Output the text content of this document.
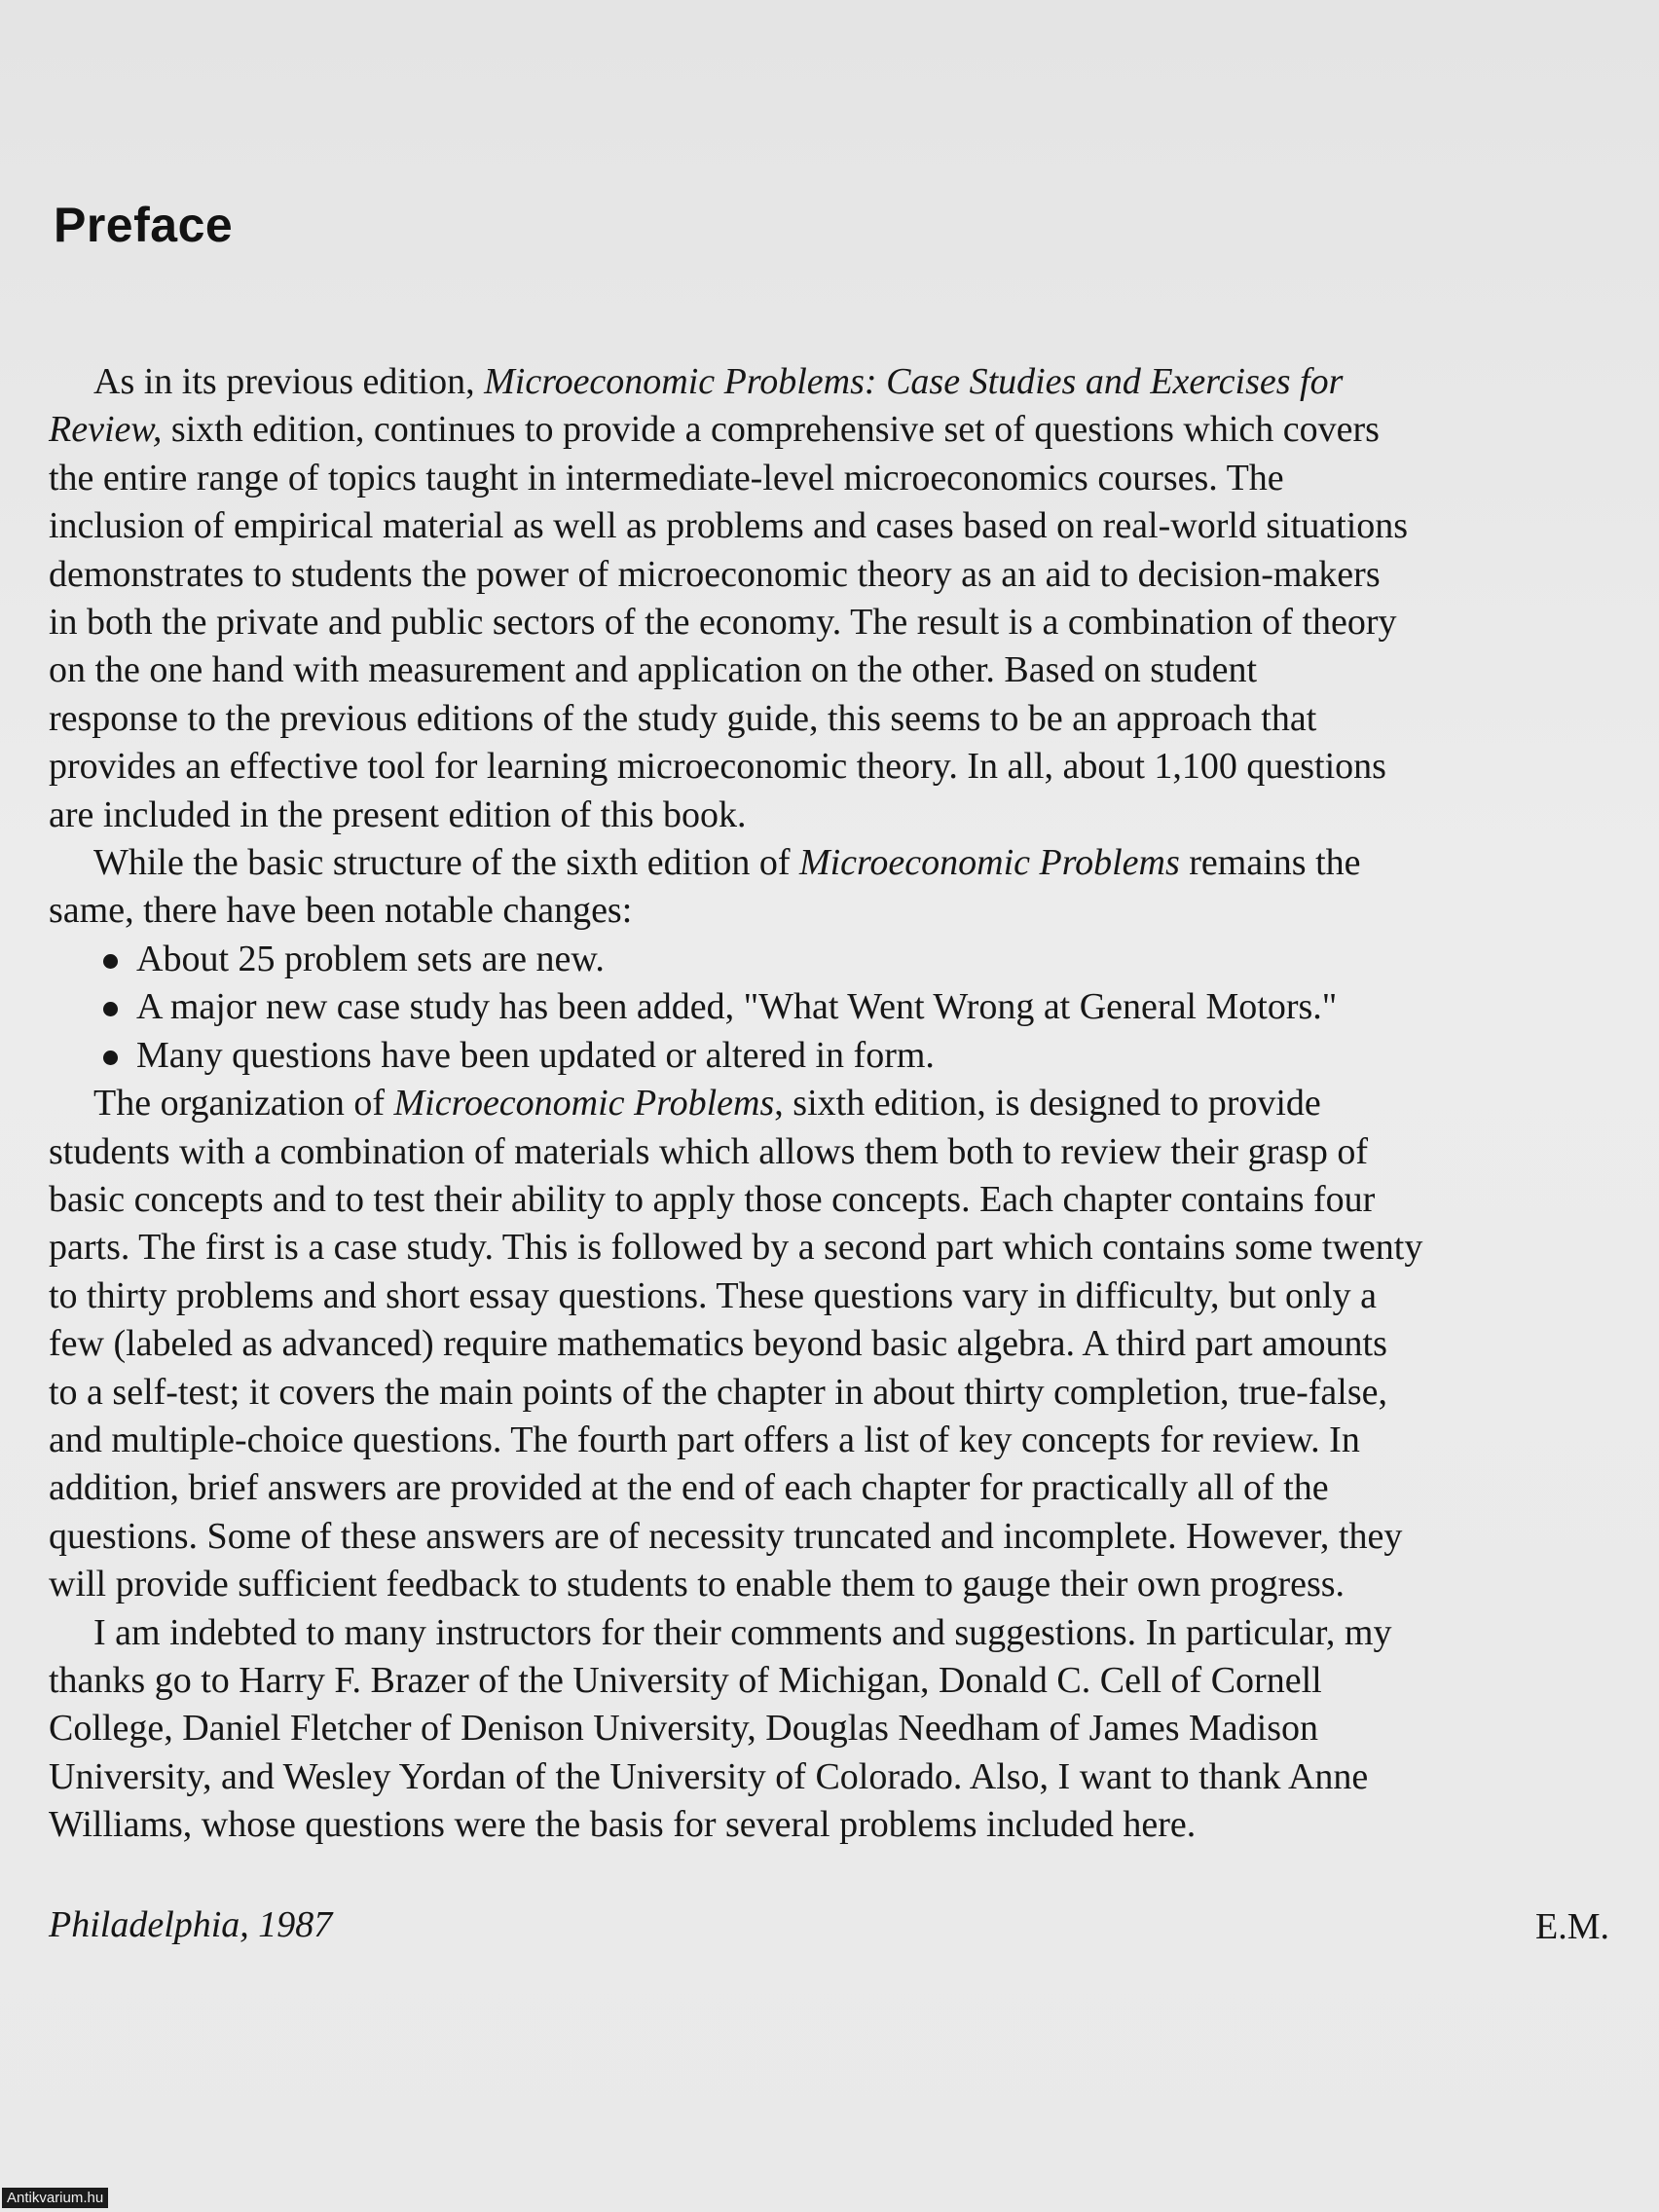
Preface

As in its previous edition, Microeconomic Problems: Case Studies and Exercises for
Review, sixth edition, continues to provide a comprehensive set of questions which covers
the entire range of topics taught in intermediate-level microeconomics courses. The
inclusion of empirical material as well as problems and cases based on real-world situations
demonstrates to students the power of microeconomic theory as an aid to decision-makers
in both the private and public sectors of the economy. The result is a combination of theory
on the one hand with measurement and application on the other. Based on student
response to the previous editions of the study guide, this seems to be an approach that
provides an effective tool for learning microeconomic theory. In all, about 1,100 questions
are included in the present edition of this book.

While the basic structure of the sixth edition of Microeconomic Problems remains the
same, there have been notable changes:

About 25 problem sets are new.
A major new case study has been added, "What Went Wrong at General Motors."
Many questions have been updated or altered in form.

The organization of Microeconomic Problems, sixth edition, is designed to provide
students with a combination of materials which allows them both to review their grasp of
basic concepts and to test their ability to apply those concepts. Each chapter contains four
parts. The first is a case study. This is followed by a second part which contains some twenty
to thirty problems and short essay questions. These questions vary in difficulty, but only a
few (labeled as advanced) require mathematics beyond basic algebra. A third part amounts
to a self-test; it covers the main points of the chapter in about thirty completion, true-false,
and multiple-choice questions. The fourth part offers a list of key concepts for review. In
addition, brief answers are provided at the end of each chapter for practically all of the
questions. Some of these answers are of necessity truncated and incomplete. However, they
will provide sufficient feedback to students to enable them to gauge their own progress.

I am indebted to many instructors for their comments and suggestions. In particular, my
thanks go to Harry F. Brazer of the University of Michigan, Donald C. Cell of Cornell
College, Daniel Fletcher of Denison University, Douglas Needham of James Madison
University, and Wesley Yordan of the University of Colorado. Also, I want to thank Anne
Williams, whose questions were the basis for several problems included here.

Philadelphia, 1987	E.M.
Antikvarium.hu
